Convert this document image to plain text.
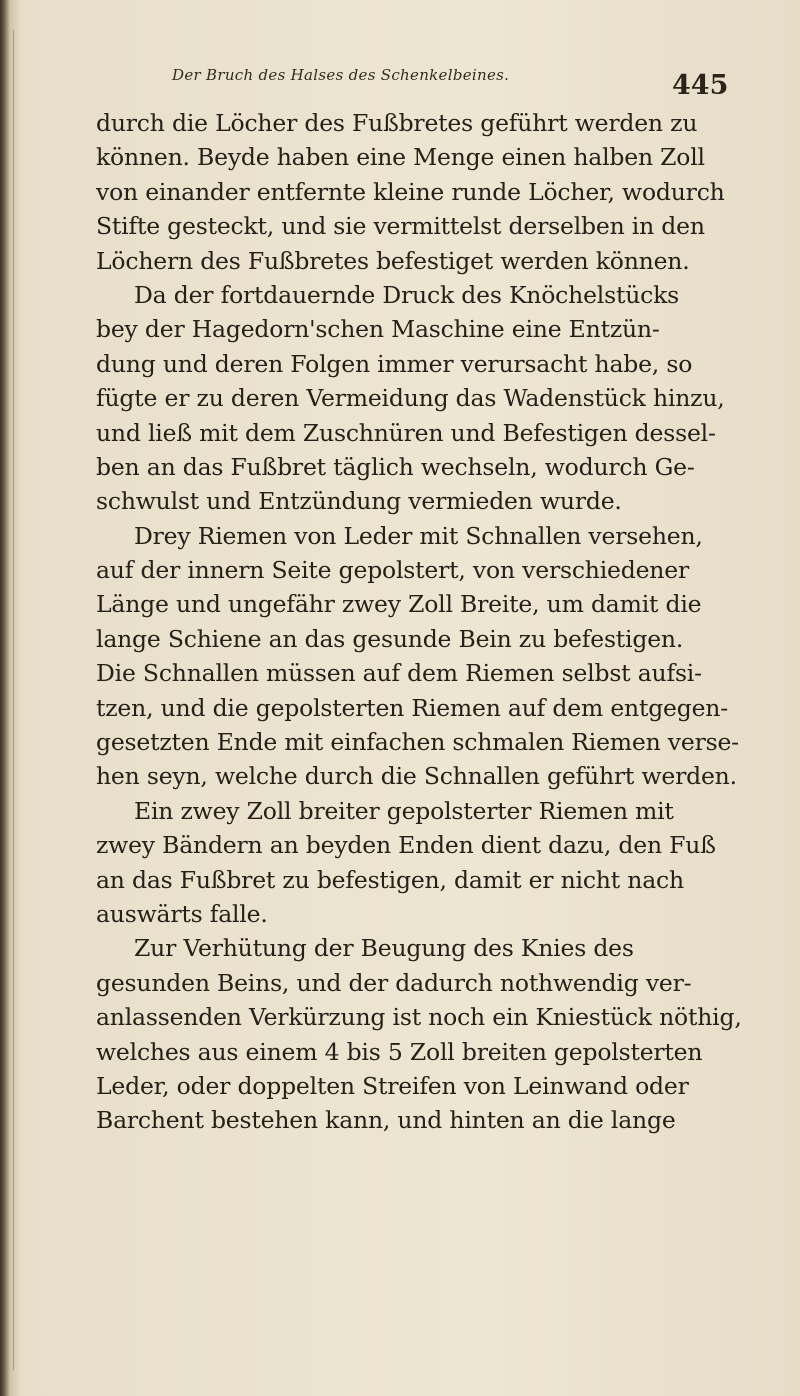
Der Bruch des Halses des Schenkelbeines.	445
durch die Löcher des Fußbretes geführt werden zu
können. Beyde haben eine Menge einen halben Zoll
von einander entfernte kleine runde Löcher, wodurch
Stifte gesteckt, und sie vermittelst derselben in den
Löchern des Fußbretes befestiget werden können.
Da der fortdauernde Druck des Knöchelstücks
bey der Hagedorn'schen Maschine eine Entzün-
dung und deren Folgen immer verursacht habe, so
fügte er zu deren Vermeidung das Wadenstück hinzu,
und ließ mit dem Zuschnüren und Befestigen dessel-
ben an das Fußbret täglich wechseln, wodurch Ge-
schwulst und Entzündung vermieden wurde.
Drey Riemen von Leder mit Schnallen versehen,
auf der innern Seite gepolstert, von verschiedener
Länge und ungefähr zwey Zoll Breite, um damit die
lange Schiene an das gesunde Bein zu befestigen.
Die Schnallen müssen auf dem Riemen selbst aufsi-
tzen, und die gepolsterten Riemen auf dem entgegen-
gesetzten Ende mit einfachen schmalen Riemen verse-
hen seyn, welche durch die Schnallen geführt werden.
Ein zwey Zoll breiter gepolsterter Riemen mit
zwey Bändern an beyden Enden dient dazu, den Fuß
an das Fußbret zu befestigen, damit er nicht nach
auswärts falle.
Zur Verhütung der Beugung des Knies des
gesunden Beins, und der dadurch nothwendig ver-
anlassenden Verkürzung ist noch ein Kniestück nöthig,
welches aus einem 4 bis 5 Zoll breiten gepolsterten
Leder, oder doppelten Streifen von Leinwand oder
Barchent bestehen kann, und hinten an die lange
